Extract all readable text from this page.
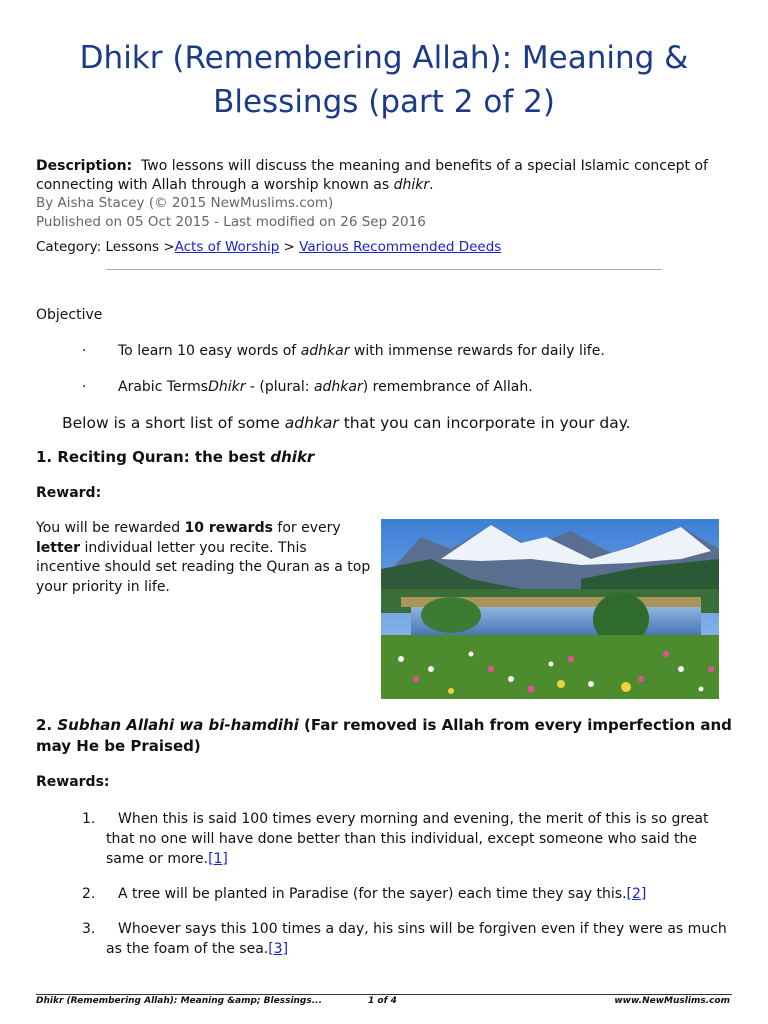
Dhikr (Remembering Allah): Meaning & Blessings (part 2 of 2)
Description:  Two lessons will discuss the meaning and benefits of a special Islamic concept of connecting with Allah through a worship known as dhikr.
By Aisha Stacey (© 2015 NewMuslims.com)
Published on 05 Oct 2015 - Last modified on 26 Sep 2016
Category: Lessons >Acts of Worship > Various Recommended Deeds
Objective
· To learn 10 easy words of adhkar with immense rewards for daily life.
· Arabic TermsDhikr - (plural: adhkar) remembrance of Allah.
Below is a short list of some adhkar that you can incorporate in your day.
1. Reciting Quran: the best dhikr
Reward:
You will be rewarded 10 rewards for every letter individual letter you recite. This incentive should set reading the Quran as a top your priority in life.
2. Subhan Allahi wa bi-hamdihi (Far removed is Allah from every imperfection and may He be Praised)
Rewards:
1.	When this is said 100 times every morning and evening, the merit of this is so great that no one will have done better than this individual, except someone who said the same or more.[1]
2.	A tree will be planted in Paradise (for the sayer) each time they say this.[2]
3.	Whoever says this 100 times a day, his sins will be forgiven even if they were as much as the foam of the sea.[3]
Dhikr (Remembering Allah): Meaning &amp; Blessings...	1 of 4	www.NewMuslims.com
